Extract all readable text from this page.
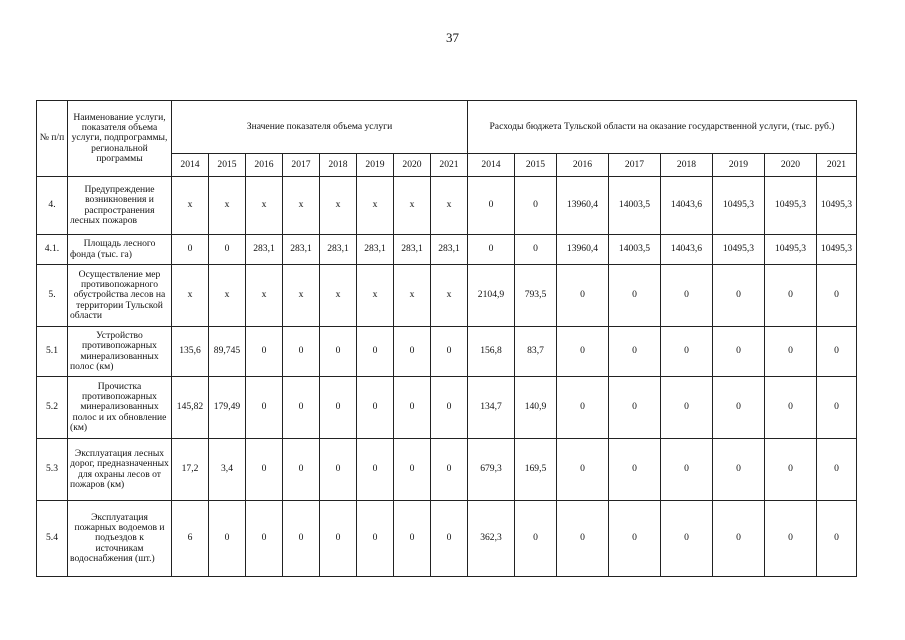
37
№ п/п	Наименование услуги, показателя объема услуги, подпрограммы, региональной программы	Значение показателя объема услуги								Расходы бюджета Тульской области на оказание государственной услуги, (тыс. руб.)							
		2014	2015	2016	2017	2018	2019	2020	2021	2014	2015	2016	2017	2018	2019	2020	2021
4.	Предупреждение возникновения и распространения лесных пожаров	x	x	x	x	x	x	x	x	0	0	13960,4	14003,5	14043,6	10495,3	10495,3	10495,3
4.1.	Площадь лесного фонда (тыс. га)	0	0	283,1	283,1	283,1	283,1	283,1	283,1	0	0	13960,4	14003,5	14043,6	10495,3	10495,3	10495,3
5.	Осуществление мер противопожарного обустройства лесов на территории Тульской области	x	x	x	x	x	x	x	x	2104,9	793,5	0	0	0	0	0	0
5.1	Устройство противопожарных минерализованных полос (км)	135,6	89,745	0	0	0	0	0	0	156,8	83,7	0	0	0	0	0	0
5.2	Прочистка противопожарных минерализованных полос и их обновление (км)	145,82	179,49	0	0	0	0	0	0	134,7	140,9	0	0	0	0	0	0
5.3	Эксплуатация лесных дорог, предназначенных для охраны лесов от пожаров (км)	17,2	3,4	0	0	0	0	0	0	679,3	169,5	0	0	0	0	0	0
5.4	Эксплуатация пожарных водоемов и подъездов к источникам водоснабжения (шт.)	6	0	0	0	0	0	0	0	362,3	0	0	0	0	0	0	0
